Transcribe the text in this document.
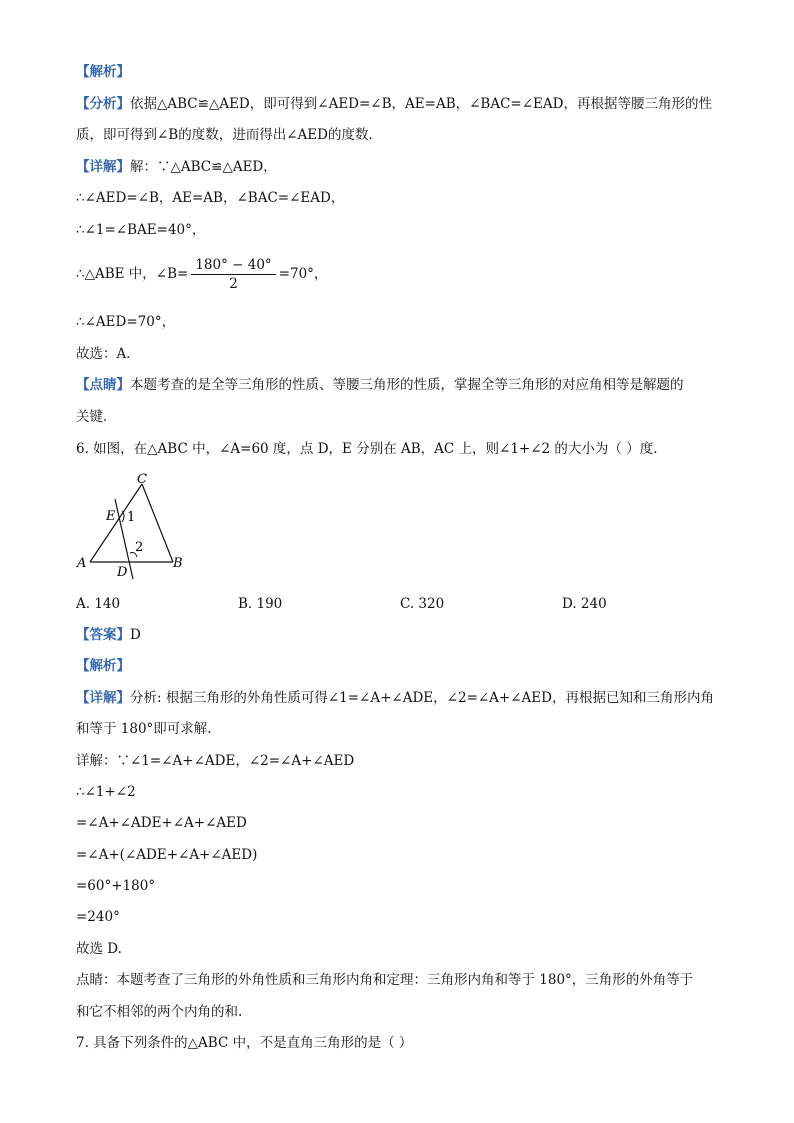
【解析】
【分析】依据△ABC≌△AED，即可得到∠AED=∠B，AE=AB，∠BAC=∠EAD，再根据等腰三角形的性
质，即可得到∠B的度数，进而得出∠AED的度数．
【详解】解：∵△ABC≌△AED，
∴∠AED=∠B，AE=AB，∠BAC=∠EAD，
∴∠1=∠BAE=40°，
∴△ABE 中，∠B= $\frac{180^\circ - 40^\circ}{2} =70^\circ$，
∴∠AED=70°，
故选：A．
【点睛】本题考查的是全等三角形的性质、等腰三角形的性质，掌握全等三角形的对应角相等是解题的
关键．
6. 如图，在△ABC 中，∠A=60 度，点 D，E 分别在 AB，AC 上，则∠1+∠2 的大小为（ ）度.
C
E 1
2
A	B
D
A. 140	B. 190	C. 320	D. 240
【答案】D
【解析】
【详解】分析: 根据三角形的外角性质可得∠1=∠A+∠ADE，∠2=∠A+∠AED，再根据已知和三角形内角
和等于 180°即可求解.
详解：∵∠1=∠A+∠ADE，∠2=∠A+∠AED
∴∠1+∠2
=∠A+∠ADE+∠A+∠AED
=∠A+(∠ADE+∠A+∠AED)
=60°+180°
=240°
故选 D.
点睛：本题考查了三角形的外角性质和三角形内角和定理：三角形内角和等于 180°，三角形的外角等于
和它不相邻的两个内角的和.
7. 具备下列条件的△ABC 中，不是直角三角形的是（ ）
